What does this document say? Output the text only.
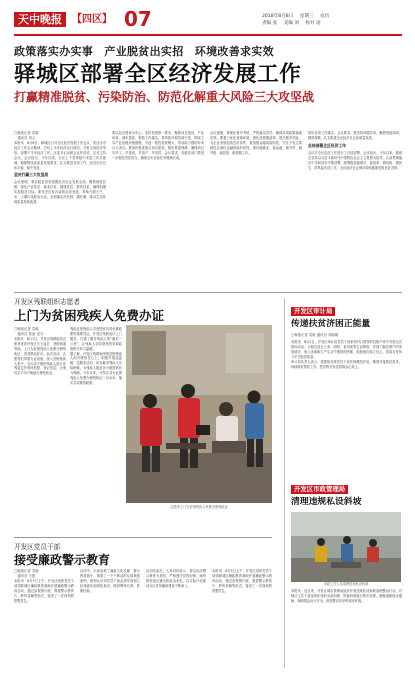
天中晚报	【四区】 07	2018年8月8日 星期三 农历
责编 张 美编 刘 校对 庞
政策落实办实事　产业脱贫出实招　环境改善求实效
驿城区部署全区经济发展工作
打赢精准脱贫、污染防治、防范化解重大风险三大攻坚战
□晚报记者 袁敏
　通讯员 刘云

本报讯　8月6日，驿城区召开全区经济发展工作会议，传达全市经济工作会议精神，总结上半年经济运行情况，分析当前经济形势，部署下半年经济工作。区委书记出席会议并讲话，区长主持会议。会议指出，今年以来，全区上下坚持稳中求进工作总基调，紧紧围绕高质量发展要求，扎实推进各项工作，经济运行总体平稳、稳中有进。

坚决打赢三大攻坚战

会议强调，要以脱贫攻坚统揽经济社会发展全局，聚焦深度贫困，强化产业扶贫、就业扶贫、健康扶贫、教育扶贫，确保如期实现脱贫目标。要坚决打好污染防治攻坚战，持续开展大气、水、土壤污染防治行动，全面落实河长制、湖长制，推动生态环境质量持续改善。

要以经济建设为中心，坚持发展第一要务，聚焦项目建设、产业培育、城市提质，狠抓工作落实。要持续开展招商引资，围绕主导产业延链补链强链，引进一批投资规模大、带动能力强的好项目大项目。要加快推进重点项目建设，强化要素保障，确保项目早开工、早建成、早投产、早见效。会议要求，各级各部门要进一步强化责任担当，确保全年目标任务圆满完成。

会议强调，要强化督导考核，严格落实责任，确保各项政策落地见效。要着力优化营商环境，深化放管服改革，提升服务效能，为企业发展创造良好条件。要加强金融风险防控，守住不发生系统性区域性金融风险的底线，做好稳就业、稳金融、稳外贸、稳外资、稳投资、稳预期工作。

抓好各项工作落实，会议要求，要坚持问题导向，聚焦短板弱项，精准施策，扎实推进全区经济社会高质量发展。

总结部署全区经济工作

会议对全区经济工作进行了总结部署，会议指出，今年以来，驿城区坚持以习近平新时代中国特色社会主义思想为指导，认真贯彻落实中央和省市决策部署，统筹推进稳增长、促改革、调结构、惠民生、防风险各项工作，全区经济社会保持持续健康发展良好态势。

开发区残联组织志愿者
上门为贫困残疾人免费办证
□晚报记者 袁敏
　通讯员 张丽 见习

本报讯　8月7日，开发区残联组织志愿者来到开发区关王庙乡、老街街道等地，上门为贫困残疾人免费办理残疾证，受到群众好评。此次活动，志愿者们带着专业设备，深入贫困残疾人家中，为行动不便的残疾人进行评残鉴定并现场拍照、登记信息，让他们足不出户就能办理残疾证。

残疾证是残疾人享受国家各项优惠政策的重要凭证。开发区残联此次上门服务，打通了服务残疾人的“最后一公里”，让残疾人切实感受到党和政府的关怀与温暖。

据了解，开发区残联始终把贫困残疾人的冷暖放在心上，积极开展送温暖、送服务活动，切实解决残疾人实际困难，为残疾人脱贫奔小康提供有力保障。今年以来，开发区共为贫困残疾人免费办理残疾证二百余本，落实各项惠残政策。

志愿者上门为贫困残疾人免费办理残疾证
开发区党员干部
接受廉政警示教育
□晚报记者 袁敏
　通讯员 王艳

本报讯　8月3日上午，开发区组织党员干部到驿城区廉政教育基地开展廉政警示教育活动，通过参观图片展、观看警示教育片、聆听讲解等形式，接受了一次深刻的思想洗礼。

活动中，大家参观了廉政文化长廊、警示教育展厅，观看了一个个鲜活的反面典型案例，深刻认识到党员干部必须牢固树立纪律意识和规矩意识，做到警钟长鸣、防微杜渐。

活动结束后，大家纷纷表示，要以此次警示教育为契机，严格遵守党的纪律，始终保持清正廉洁的政治本色，以实际行动推动全区党风廉政建设不断深入。

本报讯　8月3日上午，开发区组织党员干部到驿城区廉政教育基地开展廉政警示教育活动，通过参观图片展、观看警示教育片、聆听讲解等形式，接受了一次深刻的思想洗礼。

开发区审计局
传递扶贫济困正能量
□晚报记者 袁敏 通讯员 刘丽娜

本报讯　8月2日，开发区审计局党员干部来到对口帮扶的贫困户家中开展走访慰问活动，为他们送去大米、面粉、食用油等生活物资，详细了解贫困户的家庭情况、收入来源和生产生活中遇到的困难，鼓励他们树立信心，依靠自身努力早日脱贫致富。

审计局负责人表示，将继续发挥党员干部先锋模范作用，精准对接帮扶需求，持续做好帮扶工作，把党的关怀送到群众心坎上。

开发区市政管理局
清理违规私设斜坡
市政工作人员清理违规私设斜坡

本报讯　连日来，开发区城市管理局组织开展违规私设斜坡清理整治行动，对辖区主次干道违规私设的水泥斜坡、铁板斜坡进行集中清理，确保道路排水通畅，保障群众出行安全，营造整洁有序的城市环境。
